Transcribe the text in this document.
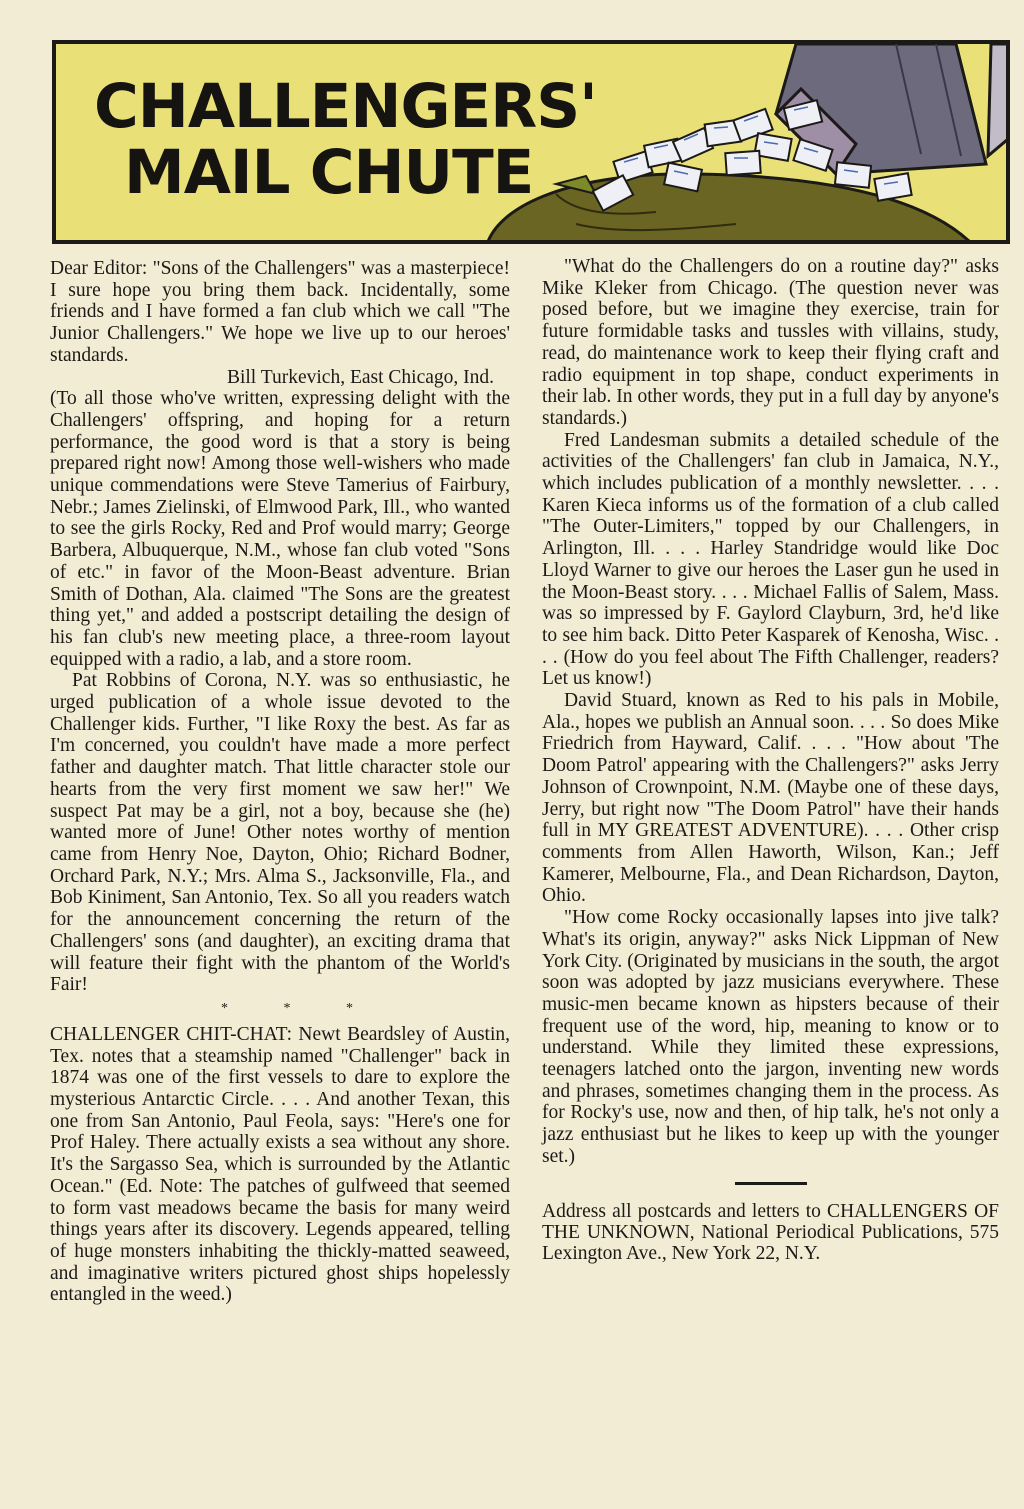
CHALLENGERS'
MAIL CHUTE

Dear Editor: "Sons of the Challengers" was a masterpiece! I sure hope you bring them back. Incidentally, some friends and I have formed a fan club which we call "The Junior Challengers." We hope we live up to our heroes' standards.

Bill Turkevich, East Chicago, Ind.

(To all those who've written, expressing delight with the Challengers' offspring, and hoping for a return performance, the good word is that a story is being prepared right now! Among those well-wishers who made unique commendations were Steve Tamerius of Fairbury, Nebr.; James Zielinski, of Elmwood Park, Ill., who wanted to see the girls Rocky, Red and Prof would marry; George Barbera, Albuquerque, N.M., whose fan club voted "Sons of etc." in favor of the Moon-Beast adventure. Brian Smith of Dothan, Ala. claimed "The Sons are the greatest thing yet," and added a postscript detailing the design of his fan club's new meeting place, a three-room layout equipped with a radio, a lab, and a store room.

Pat Robbins of Corona, N.Y. was so enthusiastic, he urged publication of a whole issue devoted to the Challenger kids. Further, "I like Roxy the best. As far as I'm concerned, you couldn't have made a more perfect father and daughter match. That little character stole our hearts from the very first moment we saw her!" We suspect Pat may be a girl, not a boy, because she (he) wanted more of June! Other notes worthy of mention came from Henry Noe, Dayton, Ohio; Richard Bodner, Orchard Park, N.Y.; Mrs. Alma S., Jacksonville, Fla., and Bob Kiniment, San Antonio, Tex. So all you readers watch for the announcement concerning the return of the Challengers' sons (and daughter), an exciting drama that will feature their fight with the phantom of the World's Fair!

* * *

CHALLENGER CHIT-CHAT: Newt Beardsley of Austin, Tex. notes that a steamship named "Challenger" back in 1874 was one of the first vessels to dare to explore the mysterious Antarctic Circle. . . . And another Texan, this one from San Antonio, Paul Feola, says: "Here's one for Prof Haley. There actually exists a sea without any shore. It's the Sargasso Sea, which is surrounded by the Atlantic Ocean." (Ed. Note: The patches of gulfweed that seemed to form vast meadows became the basis for many weird things years after its discovery. Legends appeared, telling of huge monsters inhabiting the thickly-matted seaweed, and imaginative writers pictured ghost ships hopelessly entangled in the weed.)

"What do the Challengers do on a routine day?" asks Mike Kleker from Chicago. (The question never was posed before, but we imagine they exercise, train for future formidable tasks and tussles with villains, study, read, do maintenance work to keep their flying craft and radio equipment in top shape, conduct experiments in their lab. In other words, they put in a full day by anyone's standards.)

Fred Landesman submits a detailed schedule of the activities of the Challengers' fan club in Jamaica, N.Y., which includes publication of a monthly newsletter. . . . Karen Kieca informs us of the formation of a club called "The Outer-Limiters," topped by our Challengers, in Arlington, Ill. . . . Harley Standridge would like Doc Lloyd Warner to give our heroes the Laser gun he used in the Moon-Beast story. . . . Michael Fallis of Salem, Mass. was so impressed by F. Gaylord Clayburn, 3rd, he'd like to see him back. Ditto Peter Kasparek of Kenosha, Wisc. . . . (How do you feel about The Fifth Challenger, readers? Let us know!)

David Stuard, known as Red to his pals in Mobile, Ala., hopes we publish an Annual soon. . . . So does Mike Friedrich from Hayward, Calif. . . . "How about 'The Doom Patrol' appearing with the Challengers?" asks Jerry Johnson of Crownpoint, N.M. (Maybe one of these days, Jerry, but right now "The Doom Patrol" have their hands full in MY GREATEST ADVENTURE). . . . Other crisp comments from Allen Haworth, Wilson, Kan.; Jeff Kamerer, Melbourne, Fla., and Dean Richardson, Dayton, Ohio.

"How come Rocky occasionally lapses into jive talk? What's its origin, anyway?" asks Nick Lippman of New York City. (Originated by musicians in the south, the argot soon was adopted by jazz musicians everywhere. These music-men became known as hipsters because of their frequent use of the word, hip, meaning to know or to understand. While they limited these expressions, teenagers latched onto the jargon, inventing new words and phrases, sometimes changing them in the process. As for Rocky's use, now and then, of hip talk, he's not only a jazz enthusiast but he likes to keep up with the younger set.)

Address all postcards and letters to CHALLENGERS OF THE UNKNOWN, National Periodical Publications, 575 Lexington Ave., New York 22, N.Y.
